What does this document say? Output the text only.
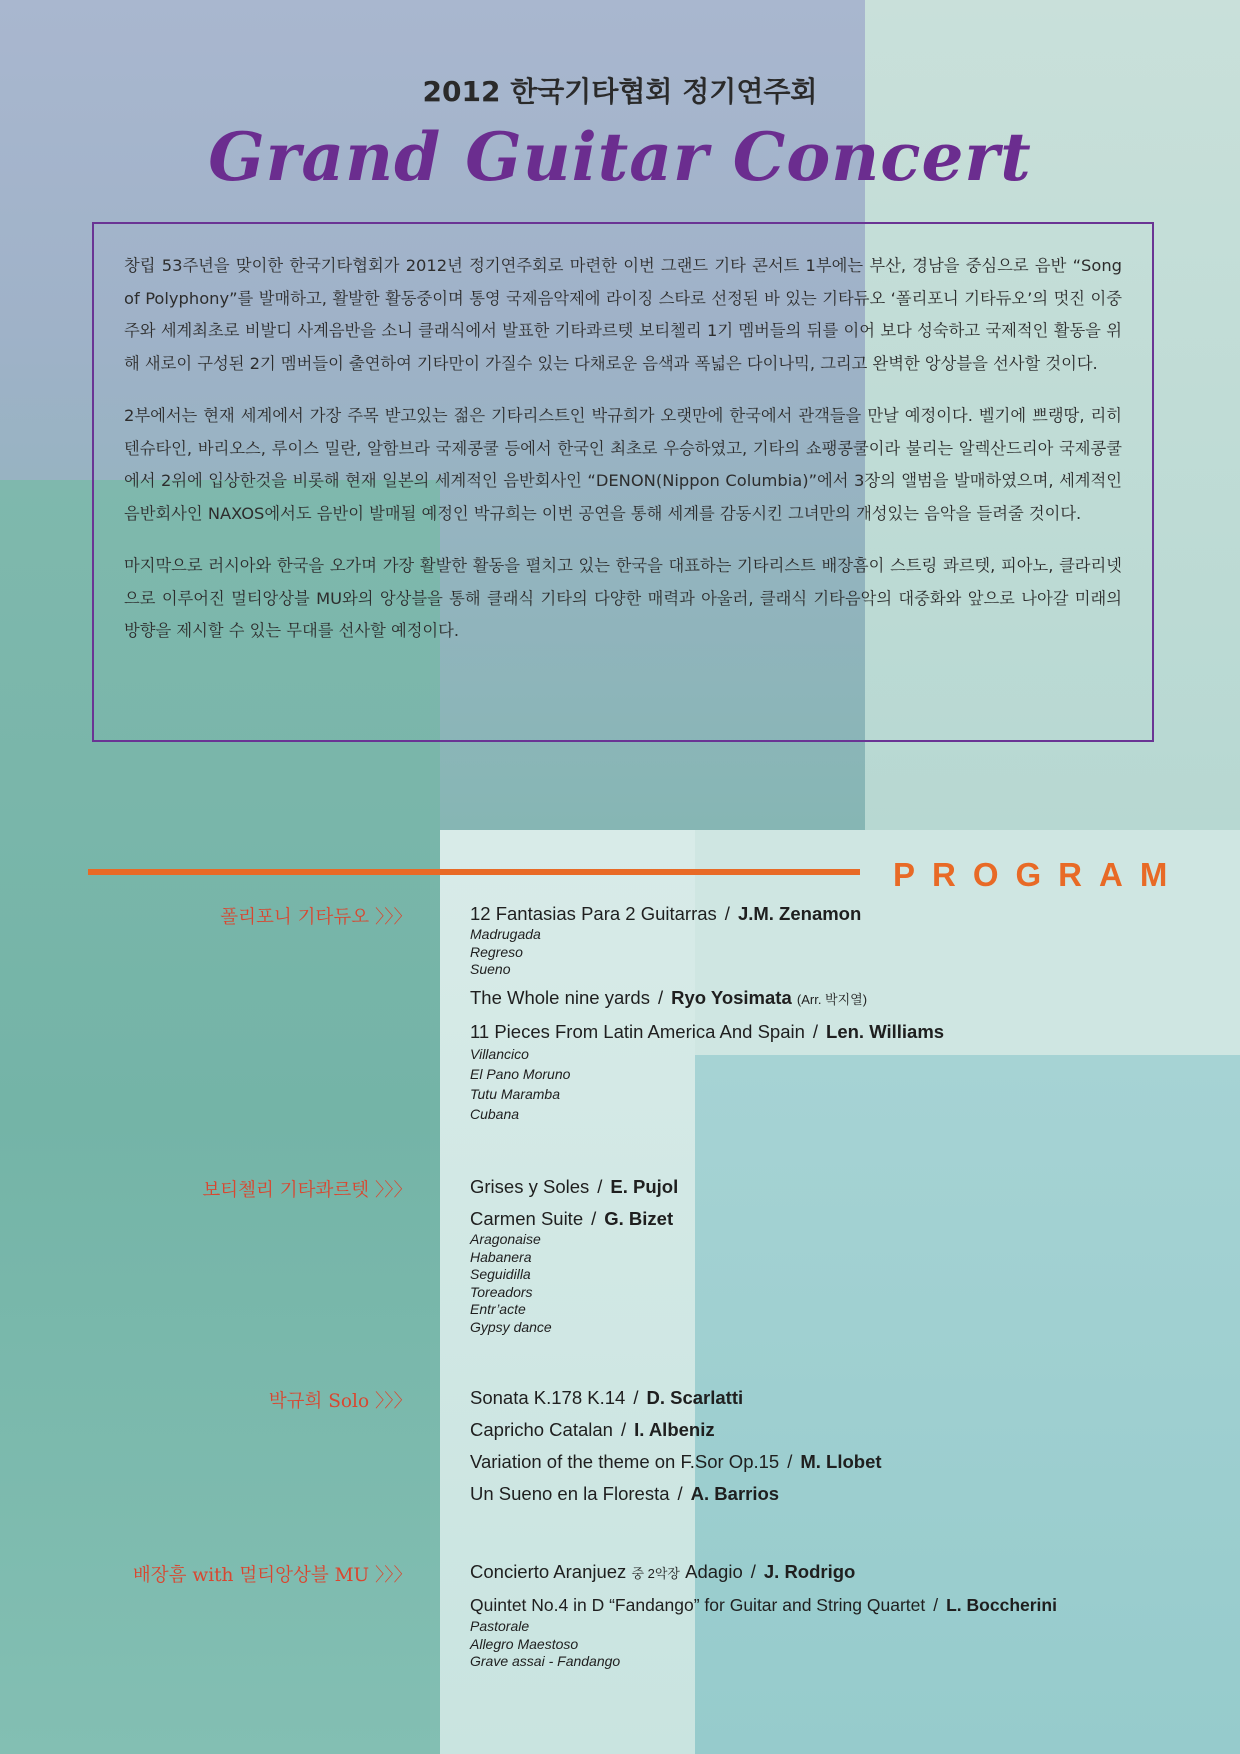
2012 한국기타협회 정기연주회
Grand Guitar Concert

창립 53주년을 맞이한 한국기타협회가 2012년 정기연주회로 마련한 이번 그랜드 기타 콘서트 1부에는 부산, 경남을 중심으로 음반 “Song of Polyphony”를 발매하고, 활발한 활동중이며 통영 국제음악제에 라이징 스타로 선정된 바 있는 기타듀오 ‘폴리포니 기타듀오’의 멋진 이중주와 세계최초로 비발디 사계음반을 소니 클래식에서 발표한 기타콰르텟 보티첼리 1기 멤버들의 뒤를 이어 보다 성숙하고 국제적인 활동을 위해 새로이 구성된 2기 멤버들이 출연하여 기타만이 가질수 있는 다채로운 음색과 폭넓은 다이나믹, 그리고 완벽한 앙상블을 선사할 것이다.

2부에서는 현재 세계에서 가장 주목 받고있는 젊은 기타리스트인 박규희가 오랫만에 한국에서 관객들을 만날 예정이다. 벨기에 쁘랭땅, 리히텐슈타인, 바리오스, 루이스 밀란, 알함브라 국제콩쿨 등에서 한국인 최초로 우승하였고, 기타의 쇼팽콩쿨이라 불리는 알렉산드리아 국제콩쿨에서 2위에 입상한것을 비롯해 현재 일본의 세계적인 음반회사인 “DENON(Nippon Columbia)”에서 3장의 앨범을 발매하였으며, 세계적인 음반회사인 NAXOS에서도 음반이 발매될 예정인 박규희는 이번 공연을 통해 세계를 감동시킨 그녀만의 개성있는 음악을 들려줄 것이다.

마지막으로 러시아와 한국을 오가며 가장 활발한 활동을 펼치고 있는 한국을 대표하는 기타리스트 배장흠이 스트링 콰르텟, 피아노, 클라리넷으로 이루어진 멀티앙상블 MU와의 앙상블을 통해 클래식 기타의 다양한 매력과 아울러, 클래식 기타음악의 대중화와 앞으로 나아갈 미래의 방향을 제시할 수 있는 무대를 선사할 예정이다.

PROGRAM
폴리포니 기타듀오 〉〉〉	12 Fantasias Para 2 Guitarras / J.M. Zenamon
Madrugada
Regreso
Sueno
The Whole nine yards / Ryo Yosimata (Arr. 박지열)
11 Pieces From Latin America And Spain / Len. Williams
Villancico
El Pano Moruno
Tutu Maramba
Cubana
보티첼리 기타콰르텟 〉〉〉	Grises y Soles / E. Pujol
Carmen Suite / G. Bizet
Aragonaise
Habanera
Seguidilla
Toreadors
Entr’acte
Gypsy dance
박규희 Solo 〉〉〉	Sonata K.178 K.14 / D. Scarlatti
Capricho Catalan / I. Albeniz
Variation of the theme on F.Sor Op.15 / M. Llobet
Un Sueno en la Floresta / A. Barrios
배장흠 with 멀티앙상블 MU 〉〉〉	Concierto Aranjuez 중 2악장 Adagio / J. Rodrigo
Quintet No.4 in D “Fandango” for Guitar and String Quartet / L. Boccherini
Pastorale
Allegro Maestoso
Grave assai - Fandango
